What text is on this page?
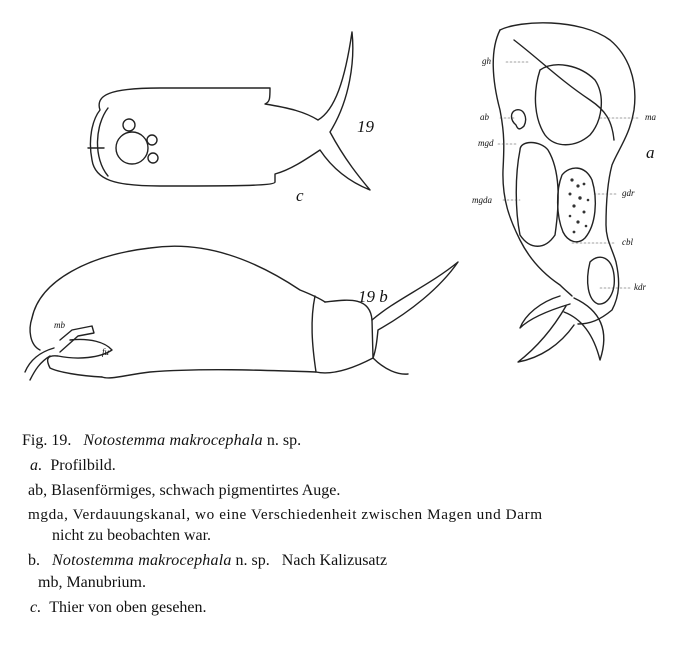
19
c
19 b
mb
fu
a
gh
ma
ab
mgd
mgda
gdr
cbl
kdr
Fig. 19. Notostemma makrocephala n. sp.
a. Profilbild.
ab, Blasenförmiges, schwach pigmentirtes Auge.
mgda, Verdauungskanal, wo eine Verschiedenheit zwischen Magen und Darm
nicht zu beobachten war.
b. Notostemma makrocephala n. sp. Nach Kalizusatz
mb, Manubrium.
c. Thier von oben gesehen.
